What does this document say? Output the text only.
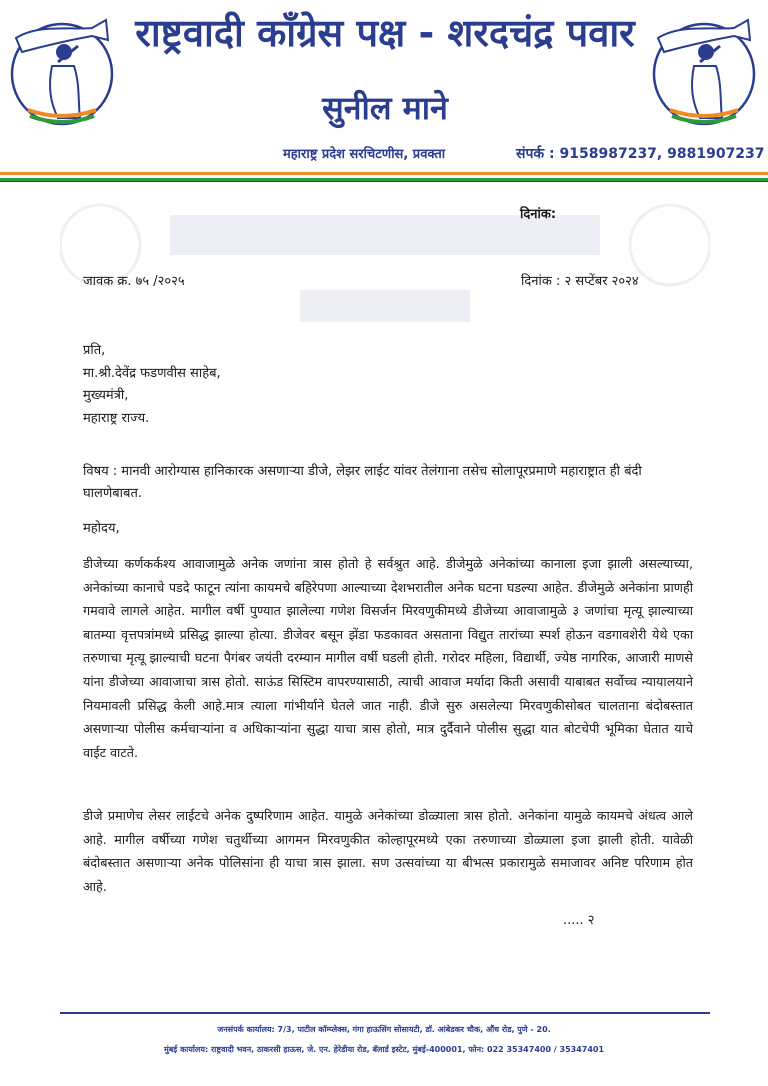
राष्ट्रवादी काँग्रेस पक्ष - शरदचंद्र पवार
सुनील माने
महाराष्ट्र प्रदेश सरचिटणीस, प्रवक्ता	संपर्क : 9158987237, 9881907237
दिनांक:
जावक क्र. ७५ /२०२५	दिनांक : २ सप्टेंबर २०२४
प्रति,
मा.श्री.देवेंद्र फडणवीस साहेब,
मुख्यमंत्री,
महाराष्ट्र राज्य.
विषय : मानवी आरोग्यास हानिकारक असणाऱ्या डीजे, लेझर लाईट यांवर तेलंगाना तसेच सोलापूरप्रमाणे महाराष्ट्रात ही बंदी घालणेबाबत.
महोदय,
डीजेच्या कर्णकर्कश्य आवाजामुळे अनेक जणांना त्रास होतो हे सर्वश्रुत आहे. डीजेमुळे अनेकांच्या कानाला इजा झाली असल्याच्या, अनेकांच्या कानाचे पडदे फाटून त्यांना कायमचे बहिरेपणा आल्याच्या देशभरातील अनेक घटना घडल्या आहेत. डीजेमुळे अनेकांना प्राणही गमवावे लागले आहेत. मागील वर्षी पुण्यात झालेल्या गणेश विसर्जन मिरवणुकीमध्ये डीजेच्या आवाजामुळे ३ जणांचा मृत्यू झाल्याच्या बातम्या वृत्तपत्रांमध्ये प्रसिद्ध झाल्या होत्या. डीजेवर बसून झेंडा फडकावत असताना विद्युत तारांच्या स्पर्श होऊन वडगावशेरी येथे एका तरुणाचा मृत्यू झाल्याची घटना पैगंबर जयंती दरम्यान मागील वर्षी घडली होती. गरोदर महिला, विद्यार्थी, ज्येष्ठ नागरिक, आजारी माणसे यांना डीजेच्या आवाजाचा त्रास होतो. साऊंड सिस्टिम वापरण्यासाठी, त्याची आवाज मर्यादा किती असावी याबाबत सर्वोच्च न्यायालयाने नियमावली प्रसिद्ध केली आहे.मात्र त्याला गांभीर्याने घेतले जात नाही. डीजे सुरु असलेल्या मिरवणुकीसोबत चालताना बंदोबस्तात असणाऱ्या पोलीस कर्मचाऱ्यांना व अधिकाऱ्यांना सुद्धा याचा त्रास होतो, मात्र दुर्दैवाने पोलीस सुद्धा यात बोटचेपी भूमिका घेतात याचे वाईट वाटते.
डीजे प्रमाणेच लेसर लाईटचे अनेक दुष्परिणाम आहेत. यामुळे अनेकांच्या डोळ्याला त्रास होतो. अनेकांना यामुळे कायमचे अंधत्व आले आहे. मागील वर्षीच्या गणेश चतुर्थीच्या आगमन मिरवणुकीत कोल्हापूरमध्ये एका तरुणाच्या डोळ्याला इजा झाली होती. यावेळी बंदोबस्तात असणाऱ्या अनेक पोलिसांना ही याचा त्रास झाला. सण उत्सवांच्या या बीभत्स प्रकारामुळे समाजावर अनिष्ट परिणाम होत आहे.
..... २
जनसंपर्क कार्यालय: 7/3, पाटील कॉम्प्लेक्स, गंगा हाऊसिंग सोसायटी, डॉ. आंबेडकर चौक, औंध रोड, पुणे - 20.
मुंबई कार्यालय: राष्ट्रवादी भवन, ठाकरसी हाऊस, जे. एन. हेरेडीया रोड, बॅलार्ड इस्टेट, मुंबई-400001, फोन: 022 35347400 / 35347401
